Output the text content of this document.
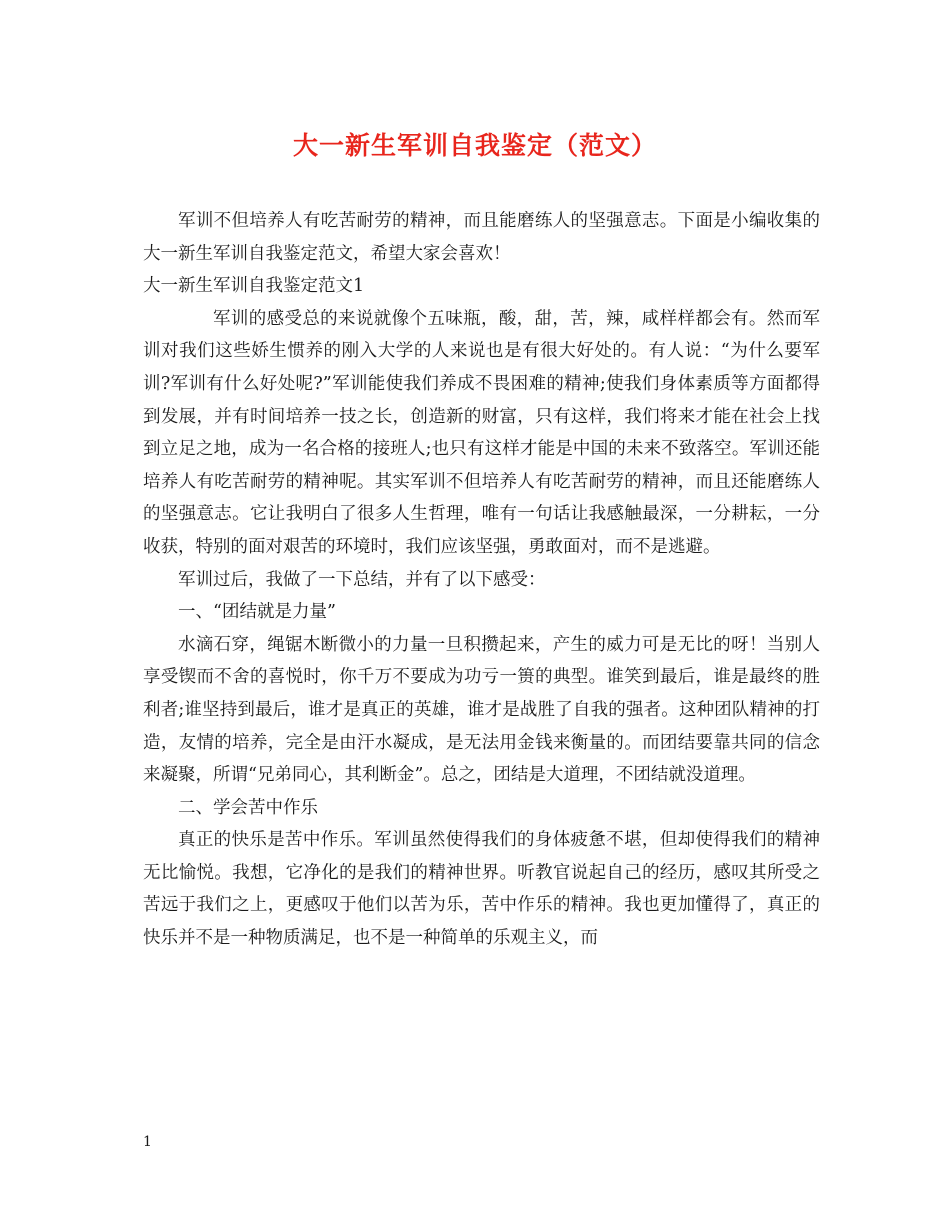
大一新生军训自我鉴定（范文）

军训不但培养人有吃苦耐劳的精神，而且能磨练人的坚强意志。下面是小编收集的大一新生军训自我鉴定范文，希望大家会喜欢！

大一新生军训自我鉴定范文1

军训的感受总的来说就像个五味瓶，酸，甜，苦，辣，咸样样都会有。然而军训对我们这些娇生惯养的刚入大学的人来说也是有很大好处的。有人说：“为什么要军训?军训有什么好处呢?”军训能使我们养成不畏困难的精神;使我们身体素质等方面都得到发展，并有时间培养一技之长，创造新的财富，只有这样，我们将来才能在社会上找到立足之地，成为一名合格的接班人;也只有这样才能是中国的未来不致落空。军训还能培养人有吃苦耐劳的精神呢。其实军训不但培养人有吃苦耐劳的精神，而且还能磨练人的坚强意志。它让我明白了很多人生哲理，唯有一句话让我感触最深，一分耕耘，一分收获，特别的面对艰苦的环境时，我们应该坚强，勇敢面对，而不是逃避。

军训过后，我做了一下总结，并有了以下感受：

一、“团结就是力量”

水滴石穿，绳锯木断微小的力量一旦积攒起来，产生的威力可是无比的呀！当别人享受锲而不舍的喜悦时，你千万不要成为功亏一篑的典型。谁笑到最后，谁是最终的胜利者;谁坚持到最后，谁才是真正的英雄，谁才是战胜了自我的强者。这种团队精神的打造，友情的培养，完全是由汗水凝成，是无法用金钱来衡量的。而团结要靠共同的信念来凝聚，所谓“兄弟同心，其利断金”。总之，团结是大道理，不团结就没道理。

二、学会苦中作乐

真正的快乐是苦中作乐。军训虽然使得我们的身体疲惫不堪，但却使得我们的精神无比愉悦。我想，它净化的是我们的精神世界。听教官说起自己的经历，感叹其所受之苦远于我们之上，更感叹于他们以苦为乐，苦中作乐的精神。我也更加懂得了，真正的快乐并不是一种物质满足，也不是一种简单的乐观主义，而

1
